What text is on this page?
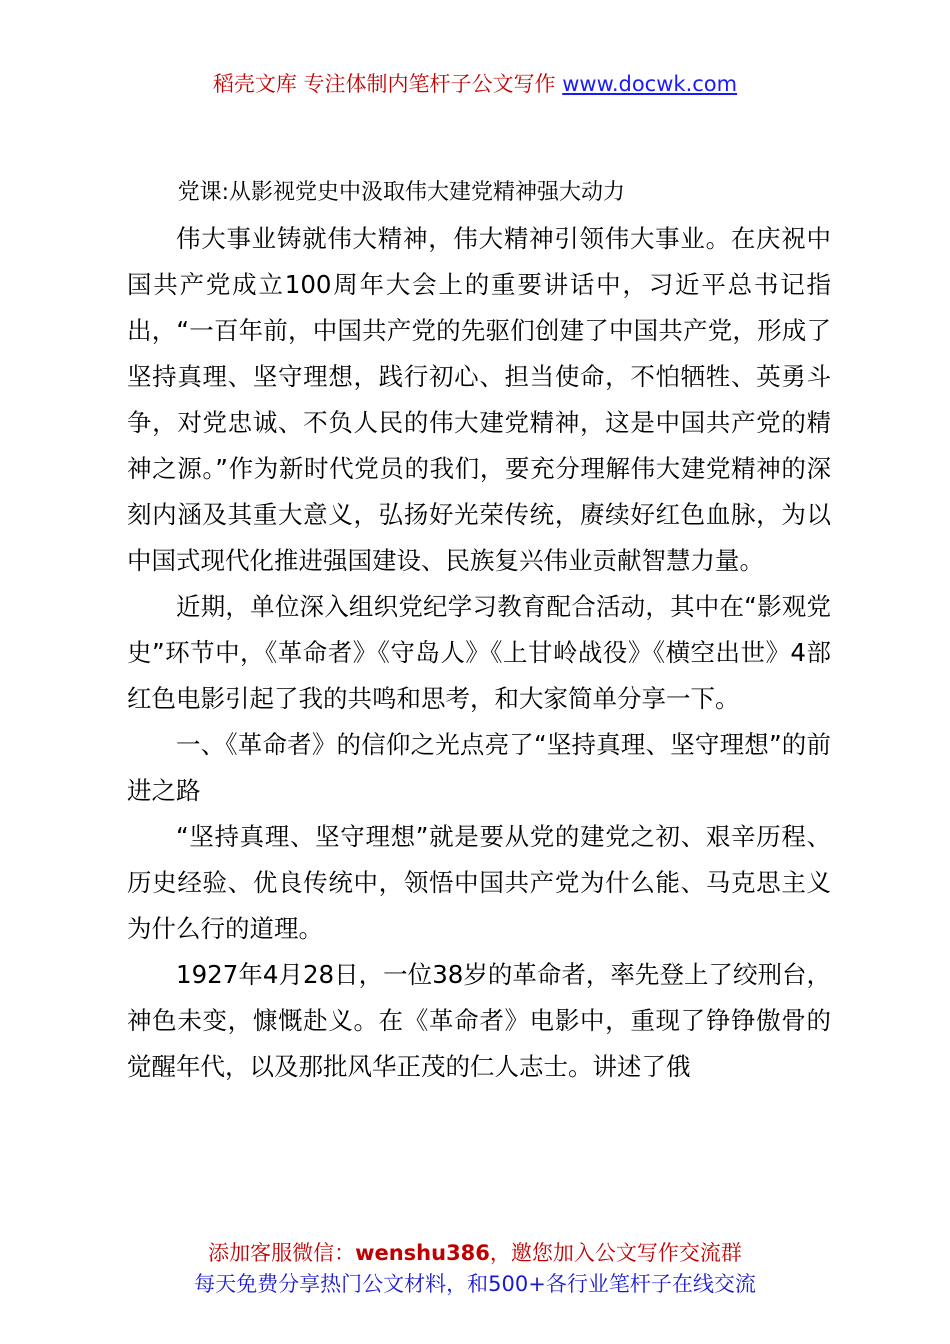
稻壳文库 专注体制内笔杆子公文写作 www.docwk.com

党课:从影视党史中汲取伟大建党精神强大动力

伟大事业铸就伟大精神，伟大精神引领伟大事业。在庆祝中国共产党成立100周年大会上的重要讲话中，习近平总书记指出，“一百年前，中国共产党的先驱们创建了中国共产党，形成了坚持真理、坚守理想，践行初心、担当使命，不怕牺牲、英勇斗争，对党忠诚、不负人民的伟大建党精神，这是中国共产党的精神之源。”作为新时代党员的我们，要充分理解伟大建党精神的深刻内涵及其重大意义，弘扬好光荣传统，赓续好红色血脉，为以中国式现代化推进强国建设、民族复兴伟业贡献智慧力量。

近期，单位深入组织党纪学习教育配合活动，其中在“影观党史”环节中，《革命者》《守岛人》《上甘岭战役》《横空出世》4部红色电影引起了我的共鸣和思考，和大家简单分享一下。

一、《革命者》的信仰之光点亮了“坚持真理、坚守理想”的前进之路

“坚持真理、坚守理想”就是要从党的建党之初、艰辛历程、历史经验、优良传统中，领悟中国共产党为什么能、马克思主义为什么行的道理。

1927年4月28日，一位38岁的革命者，率先登上了绞刑台，神色未变，慷慨赴义。在《革命者》电影中，重现了铮铮傲骨的觉醒年代，以及那批风华正茂的仁人志士。讲述了俄

添加客服微信：wenshu386，邀您加入公文写作交流群
每天免费分享热门公文材料，和500+各行业笔杆子在线交流
